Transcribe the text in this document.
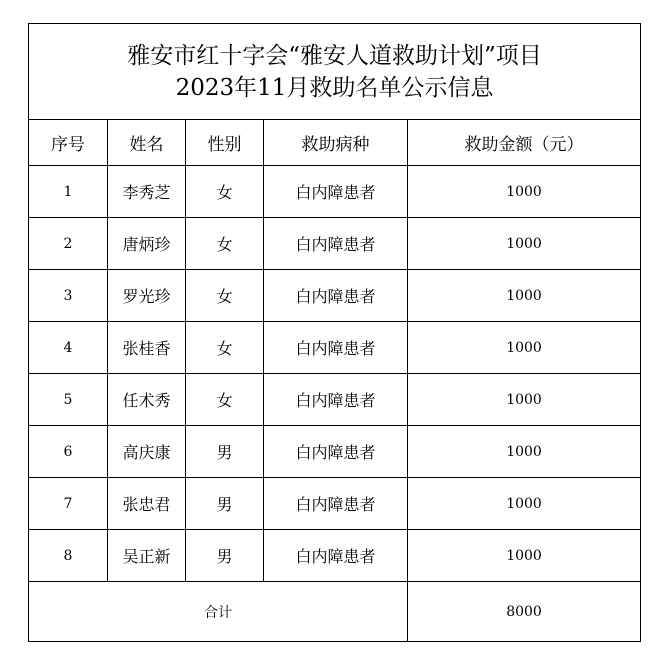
雅安市红十字会“雅安人道救助计划”项目
2023年11月救助名单公示信息				

序号	姓名	性别	救助病种	救助金额（元）
1	李秀芝	女	白内障患者	1000
2	唐炳珍	女	白内障患者	1000
3	罗光珍	女	白内障患者	1000
4	张桂香	女	白内障患者	1000
5	任术秀	女	白内障患者	1000
6	高庆康	男	白内障患者	1000
7	张忠君	男	白内障患者	1000
8	吴正新	男	白内障患者	1000
合计				8000
